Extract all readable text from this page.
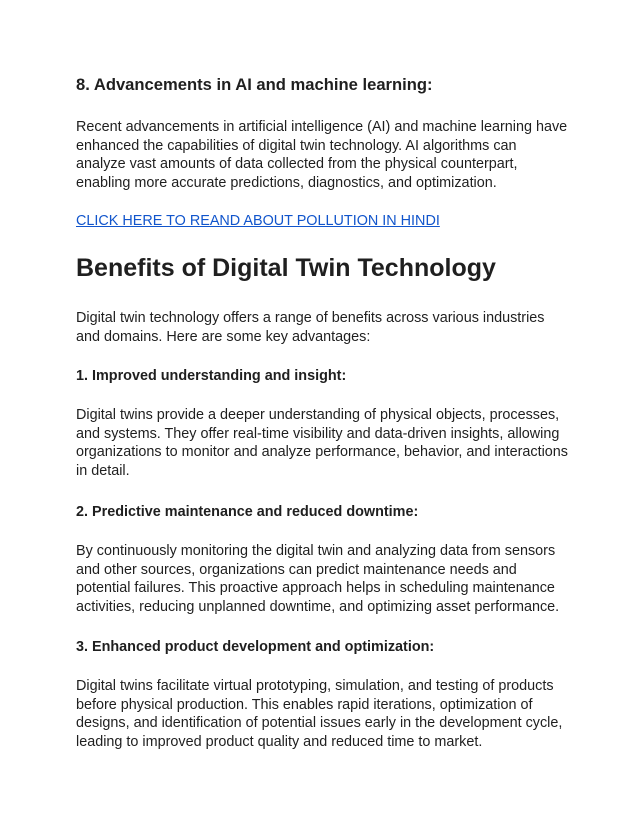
8. Advancements in AI and machine learning:

Recent advancements in artificial intelligence (AI) and machine learning have enhanced the capabilities of digital twin technology. AI algorithms can analyze vast amounts of data collected from the physical counterpart, enabling more accurate predictions, diagnostics, and optimization.

CLICK HERE TO REAND ABOUT POLLUTION IN HINDI
Benefits of Digital Twin Technology

Digital twin technology offers a range of benefits across various industries and domains. Here are some key advantages:

1. Improved understanding and insight:

Digital twins provide a deeper understanding of physical objects, processes, and systems. They offer real-time visibility and data-driven insights, allowing organizations to monitor and analyze performance, behavior, and interactions in detail.

2. Predictive maintenance and reduced downtime:

By continuously monitoring the digital twin and analyzing data from sensors and other sources, organizations can predict maintenance needs and potential failures. This proactive approach helps in scheduling maintenance activities, reducing unplanned downtime, and optimizing asset performance.

3. Enhanced product development and optimization:

Digital twins facilitate virtual prototyping, simulation, and testing of products before physical production. This enables rapid iterations, optimization of designs, and identification of potential issues early in the development cycle, leading to improved product quality and reduced time to market.
